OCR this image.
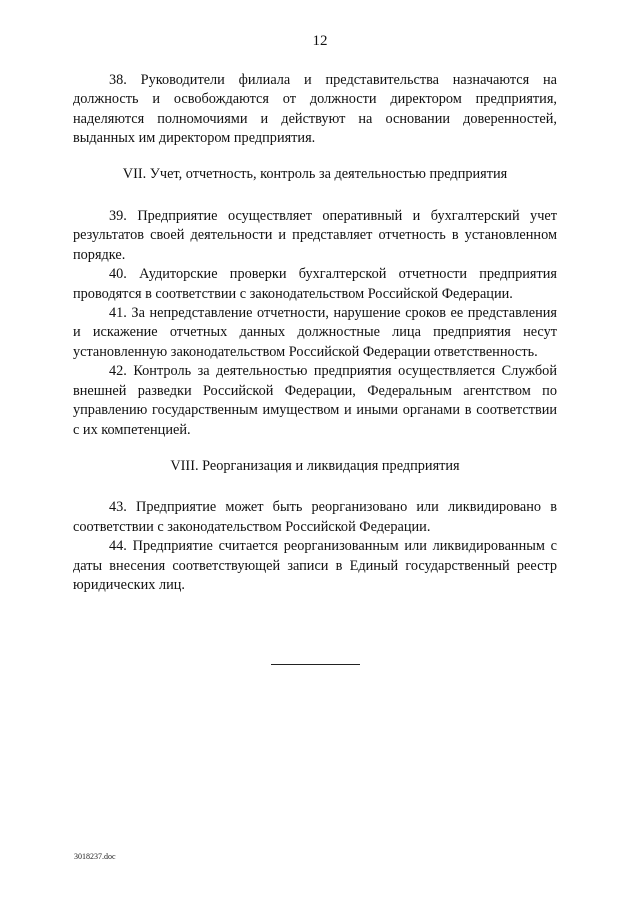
12

38. Руководители филиала и представительства назначаются на должность и освобождаются от должности директором предприятия, наделяются полномочиями и действуют на основании доверенностей, выданных им директором предприятия.

VII. Учет, отчетность, контроль за деятельностью предприятия

39. Предприятие осуществляет оперативный и бухгалтерский учет результатов своей деятельности и представляет отчетность в установленном порядке.

40. Аудиторские проверки бухгалтерской отчетности предприятия проводятся в соответствии с законодательством Российской Федерации.

41. За непредставление отчетности, нарушение сроков ее представления и искажение отчетных данных должностные лица предприятия несут установленную законодательством Российской Федерации ответственность.

42. Контроль за деятельностью предприятия осуществляется Службой внешней разведки Российской Федерации, Федеральным агентством по управлению государственным имуществом и иными органами в соответствии с их компетенцией.

VIII. Реорганизация и ликвидация предприятия

43. Предприятие может быть реорганизовано или ликвидировано в соответствии с законодательством Российской Федерации.

44. Предприятие считается реорганизованным или ликвидированным с даты внесения соответствующей записи в Единый государственный реестр юридических лиц.

3018237.doc
